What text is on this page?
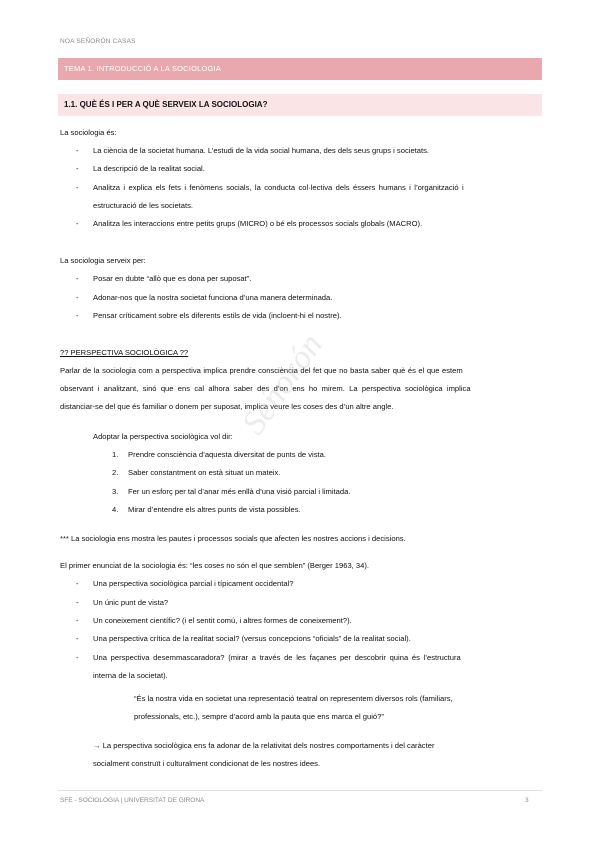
NOA SEÑORÓN CASAS
TEMA 1. INTRODUCCIÓ A LA SOCIOLOGIA
1.1. QUÈ ÉS I PER A QUÈ SERVEIX LA SOCIOLOGIA?
La sociologia és:
- La ciència de la societat humana. L’estudi de la vida social humana, des dels seus grups i societats.
- La descripció de la realitat social.
- Analitza i explica els fets i fenòmens socials, la conducta col·lectiva dels éssers humans i l’organització i
estructuració de les societats.
- Analitza les interaccions entre petits grups (MICRO) o bé els processos socials globals (MACRO).
La sociologia serveix per:
- Posar en dubte “allò que es dona per suposat”.
- Adonar-nos que la nostra societat funciona d’una manera determinada.
- Pensar críticament sobre els diferents estils de vida (incloent-hi el nostre).
?? PERSPECTIVA SOCIOLÒGICA ??
Parlar de la sociologia com a perspectiva implica prendre consciència del fet que no basta saber què és el que estem
observant i analitzant, sinó que ens cal alhora saber des d’on ens ho mirem. La perspectiva sociològica implica
distanciar-se del que és familiar o donem per suposat, implica veure les coses des d’un altre angle.
Adoptar la perspectiva sociològica vol dir:
1. Prendre consciència d’aquesta diversitat de punts de vista.
2. Saber constantment on està situat un mateix.
3. Fer un esforç per tal d’anar més enllà d’una visió parcial i limitada.
4. Mirar d’entendre els altres punts de vista possibles.
*** La sociologia ens mostra les pautes i processos socials que afecten les nostres accions i decisions.
El primer enunciat de la sociologia és: “les coses no són el que semblen” (Berger 1963, 34).
- Una perspectiva sociològica parcial i típicament occidental?
- Un únic punt de vista?
- Un coneixement científic? (i el sentit comú, i altres formes de coneixement?).
- Una perspectiva crítica de la realitat social? (versus concepcions “oficials” de la realitat social).
- Una perspectiva desemmascaradora? (mirar a través de les façanes per descobrir quina és l’estructura
interna de la societat).
“És la nostra vida en societat una representació teatral on representem diversos rols (familiars,
professionals, etc.), sempre d’acord amb la pauta que ens marca el guió?”
→ La perspectiva sociològica ens fa adonar de la relativitat dels nostres comportaments i del caràcter
socialment construït i culturalment condicionat de les nostres idees.
Señorón
SFE - SOCIOLOGIA | UNIVERSITAT DE GIRONA	3
